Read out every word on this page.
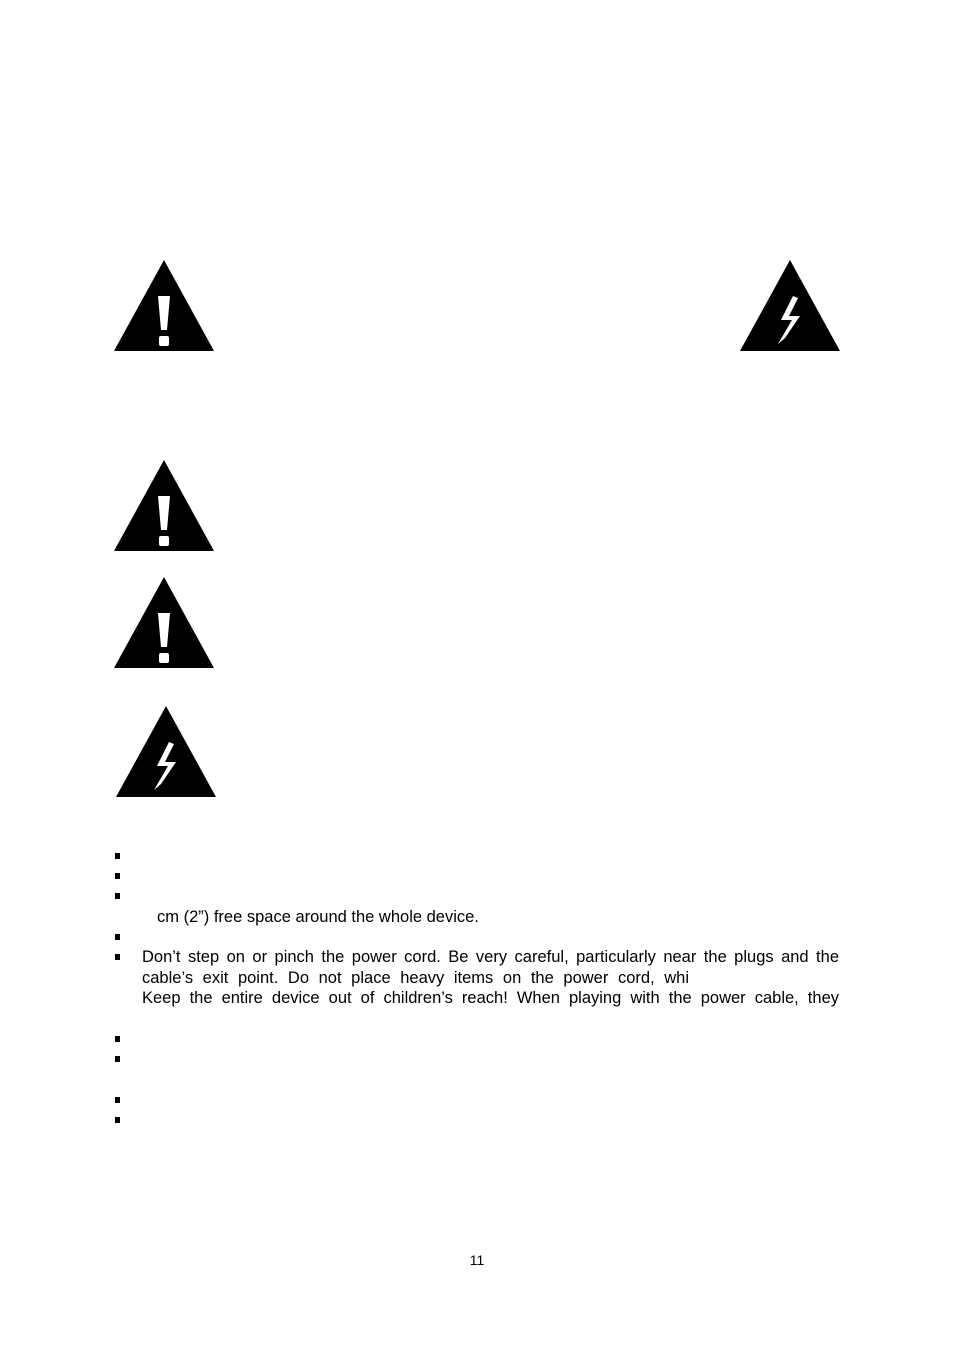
cm (2”) free space around the whole device.
Don’t step on or pinch the power cord. Be very careful, particularly near the plugs and the
cable’s exit point. Do not place heavy items on the power cord, whi
Keep the entire device out of children’s reach! When playing with the power cable, they
11
